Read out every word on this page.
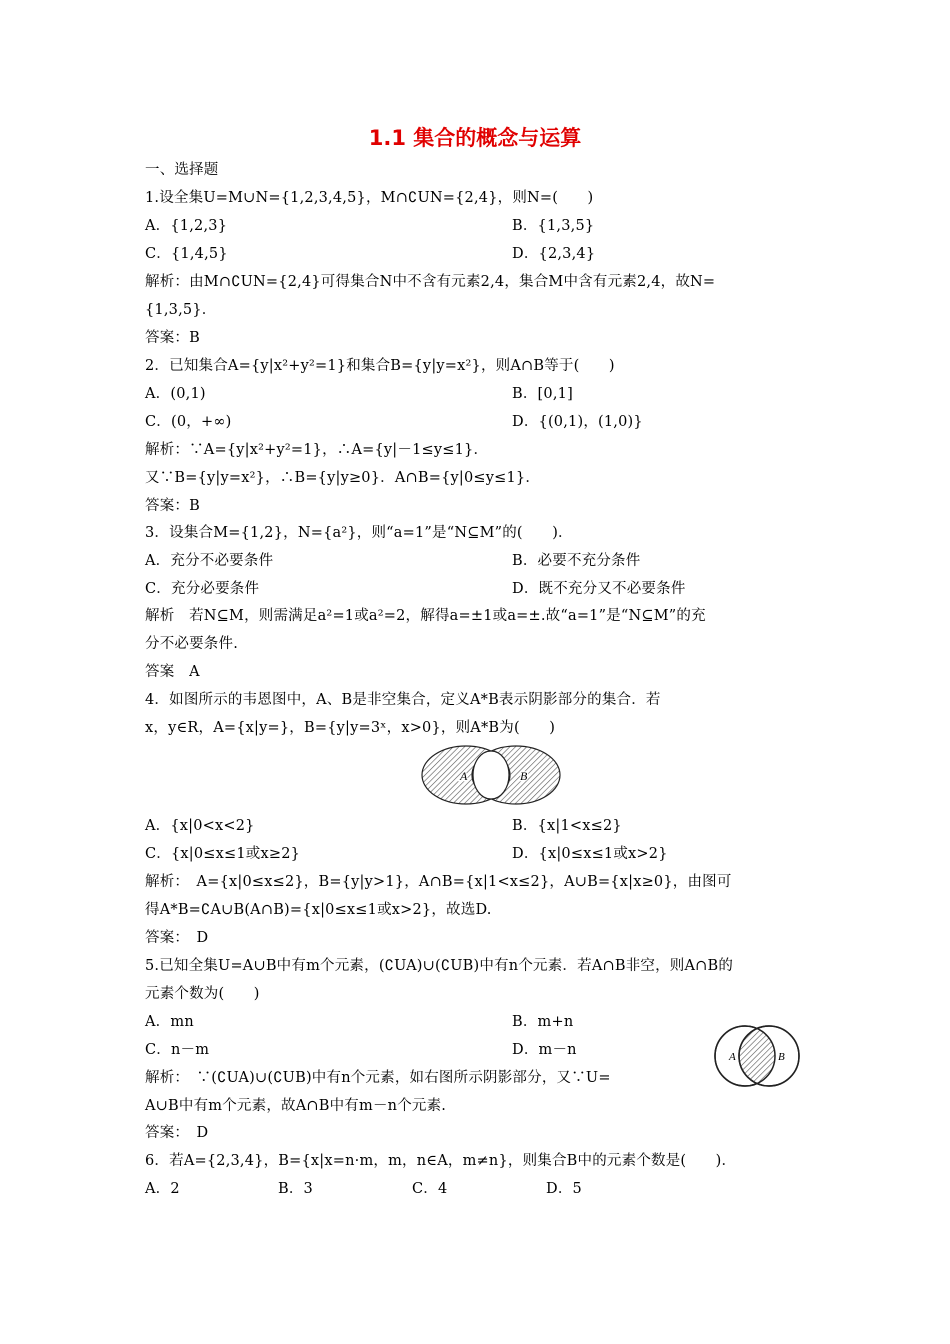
1.1 集合的概念与运算
一、选择题
1.设全集U=M∪N={1,2,3,4,5}，M∩∁UN={2,4}，则N=(　　)
A．{1,2,3}	B．{1,3,5}
C．{1,4,5}	D．{2,3,4}
解析：由M∩∁UN={2,4}可得集合N中不含有元素2,4，集合M中含有元素2,4，故N=
{1,3,5}．
答案：B
2．已知集合A={y|x²+y²=1}和集合B={y|y=x²}，则A∩B等于(　　)
A．(0,1)	B．[0,1]
C．(0，+∞)	D．{(0,1)，(1,0)}
解析：∵A={y|x²+y²=1}，∴A={y|－1≤y≤1}．
又∵B={y|y=x²}，∴B={y|y≥0}．A∩B={y|0≤y≤1}．
答案：B
3．设集合M={1,2}，N={a²}，则“a=1”是“N⊆M”的(　　)．
A．充分不必要条件	B．必要不充分条件
C．充分必要条件	D．既不充分又不必要条件
解析　若N⊆M，则需满足a²=1或a²=2，解得a=±1或a=±.故“a=1”是“N⊆M”的充
分不必要条件.
答案　A
4．如图所示的韦恩图中，A、B是非空集合，定义A*B表示阴影部分的集合．若
x，y∈R，A={x|y=}，B={y|y=3ˣ，x>0}，则A*B为(　　)
A	B
A．{x|0<x<2}	B．{x|1<x≤2}
C．{x|0≤x≤1或x≥2}	D．{x|0≤x≤1或x>2}
解析：　A={x|0≤x≤2}，B={y|y>1}，A∩B={x|1<x≤2}，A∪B={x|x≥0}，由图可
得A*B=∁A∪B(A∩B)={x|0≤x≤1或x>2}，故选D.
答案：　D
5.已知全集U=A∪B中有m个元素，(∁UA)∪(∁UB)中有n个元素．若A∩B非空，则A∩B的
元素个数为(　　)
A．mn	B．m+n
C．n－m	D．m－n	A	B
解析：　∵(∁UA)∪(∁UB)中有n个元素，如右图所示阴影部分，又∵U=
A∪B中有m个元素，故A∩B中有m－n个元素.
答案：　D
6．若A={2,3,4}，B={x|x=n·m，m，n∈A，m≠n}，则集合B中的元素个数是(　　)．
A．2	B．3	C．4	D．5
